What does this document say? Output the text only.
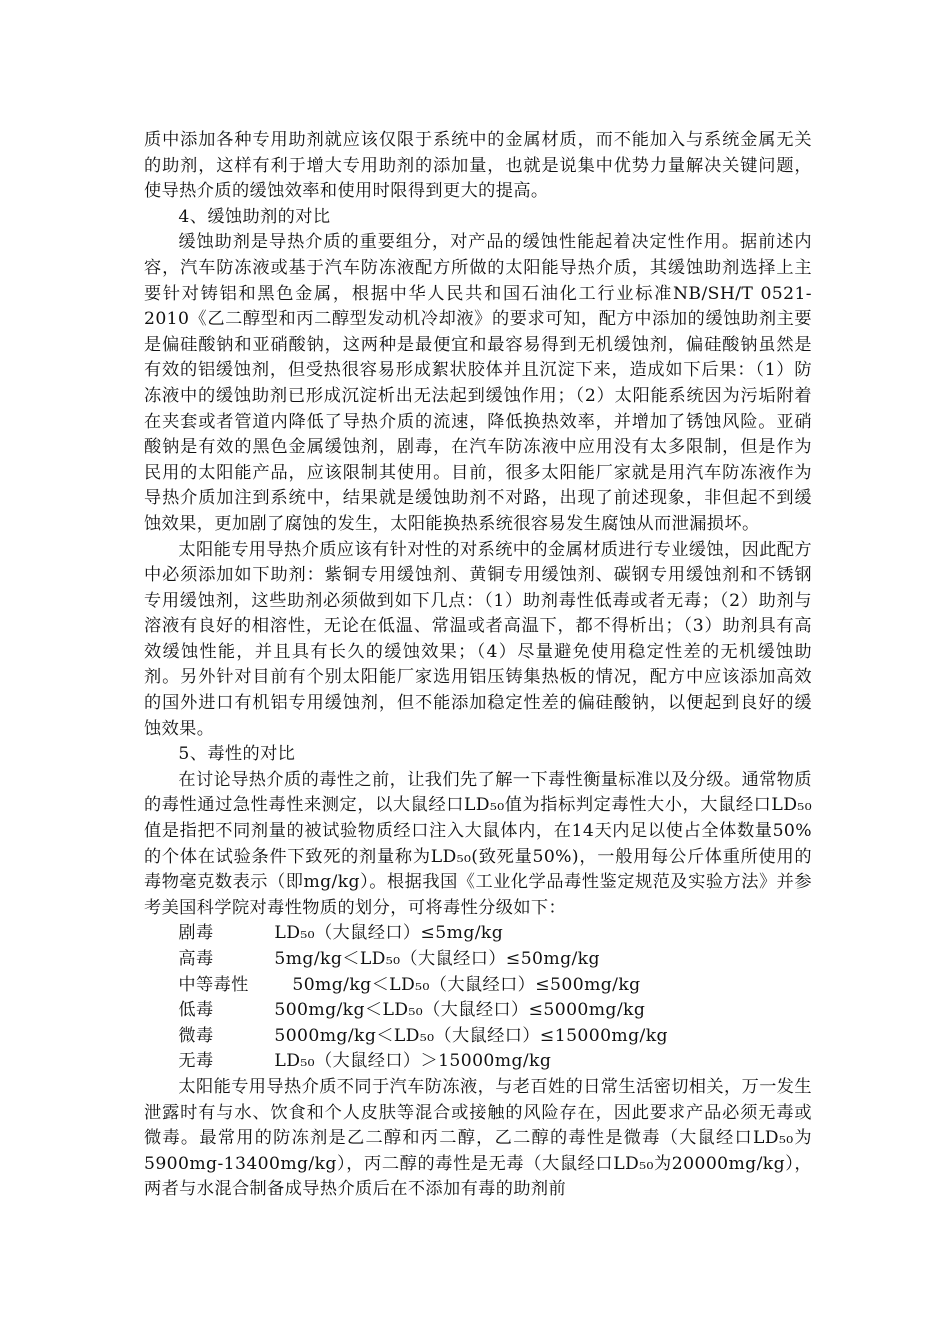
质中添加各种专用助剂就应该仅限于系统中的金属材质，而不能加入与系统金属无关的助剂，这样有利于增大专用助剂的添加量，也就是说集中优势力量解决关键问题，使导热介质的缓蚀效率和使用时限得到更大的提高。

4、缓蚀助剂的对比

缓蚀助剂是导热介质的重要组分，对产品的缓蚀性能起着决定性作用。据前述内容，汽车防冻液或基于汽车防冻液配方所做的太阳能导热介质，其缓蚀助剂选择上主要针对铸铝和黑色金属，根据中华人民共和国石油化工行业标准NB/SH/T 0521-2010《乙二醇型和丙二醇型发动机冷却液》的要求可知，配方中添加的缓蚀助剂主要是偏硅酸钠和亚硝酸钠，这两种是最便宜和最容易得到无机缓蚀剂，偏硅酸钠虽然是有效的铝缓蚀剂，但受热很容易形成絮状胶体并且沉淀下来，造成如下后果：（1）防冻液中的缓蚀助剂已形成沉淀析出无法起到缓蚀作用；（2）太阳能系统因为污垢附着在夹套或者管道内降低了导热介质的流速，降低换热效率，并增加了锈蚀风险。亚硝酸钠是有效的黑色金属缓蚀剂，剧毒，在汽车防冻液中应用没有太多限制，但是作为民用的太阳能产品，应该限制其使用。目前，很多太阳能厂家就是用汽车防冻液作为导热介质加注到系统中，结果就是缓蚀助剂不对路，出现了前述现象，非但起不到缓蚀效果，更加剧了腐蚀的发生，太阳能换热系统很容易发生腐蚀从而泄漏损坏。

太阳能专用导热介质应该有针对性的对系统中的金属材质进行专业缓蚀，因此配方中必须添加如下助剂：紫铜专用缓蚀剂、黄铜专用缓蚀剂、碳钢专用缓蚀剂和不锈钢专用缓蚀剂，这些助剂必须做到如下几点：（1）助剂毒性低毒或者无毒；（2）助剂与溶液有良好的相溶性，无论在低温、常温或者高温下，都不得析出；（3）助剂具有高效缓蚀性能，并且具有长久的缓蚀效果；（4）尽量避免使用稳定性差的无机缓蚀助剂。另外针对目前有个别太阳能厂家选用铝压铸集热板的情况，配方中应该添加高效的国外进口有机铝专用缓蚀剂，但不能添加稳定性差的偏硅酸钠，以便起到良好的缓蚀效果。

5、毒性的对比

在讨论导热介质的毒性之前，让我们先了解一下毒性衡量标准以及分级。通常物质的毒性通过急性毒性来测定，以大鼠经口LD₅₀值为指标判定毒性大小，大鼠经口LD₅₀值是指把不同剂量的被试验物质经口注入大鼠体内，在14天内足以使占全体数量50%的个体在试验条件下致死的剂量称为LD₅₀(致死量50%)，一般用每公斤体重所使用的毒物毫克数表示（即mg/kg）。根据我国《工业化学品毒性鉴定规范及实验方法》并参考美国科学院对毒性物质的划分，可将毒性分级如下：

剧毒	LD₅₀（大鼠经口）≤5mg/kg
高毒	5mg/kg＜LD₅₀（大鼠经口）≤50mg/kg
中等毒性	50mg/kg＜LD₅₀（大鼠经口）≤500mg/kg
低毒	500mg/kg＜LD₅₀（大鼠经口）≤5000mg/kg
微毒	5000mg/kg＜LD₅₀（大鼠经口）≤15000mg/kg
无毒	LD₅₀（大鼠经口）＞15000mg/kg

太阳能专用导热介质不同于汽车防冻液，与老百姓的日常生活密切相关，万一发生泄露时有与水、饮食和个人皮肤等混合或接触的风险存在，因此要求产品必须无毒或微毒。最常用的防冻剂是乙二醇和丙二醇，乙二醇的毒性是微毒（大鼠经口LD₅₀为5900mg-13400mg/kg），丙二醇的毒性是无毒（大鼠经口LD₅₀为20000mg/kg），两者与水混合制备成导热介质后在不添加有毒的助剂前
